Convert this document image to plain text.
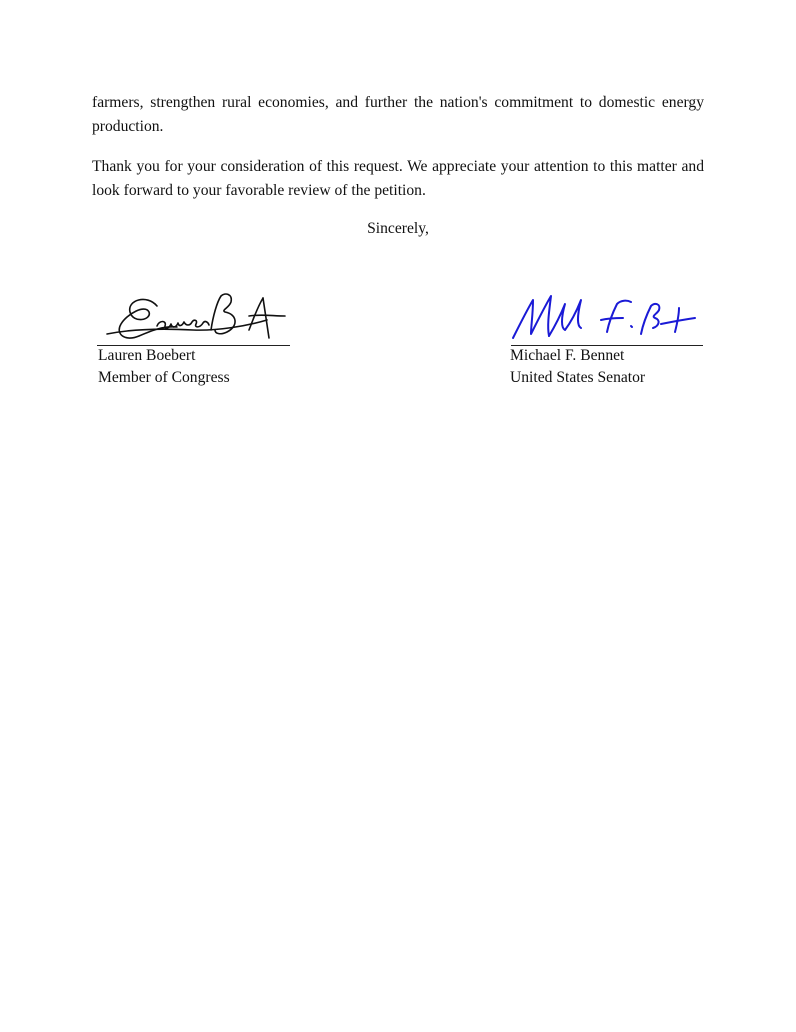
farmers, strengthen rural economies, and further the nation's commitment to domestic energy production.

Thank you for your consideration of this request. We appreciate your attention to this matter and look forward to your favorable review of the petition.

Sincerely,
Lauren Boebert
Member of Congress
Michael F. Bennet
United States Senator
